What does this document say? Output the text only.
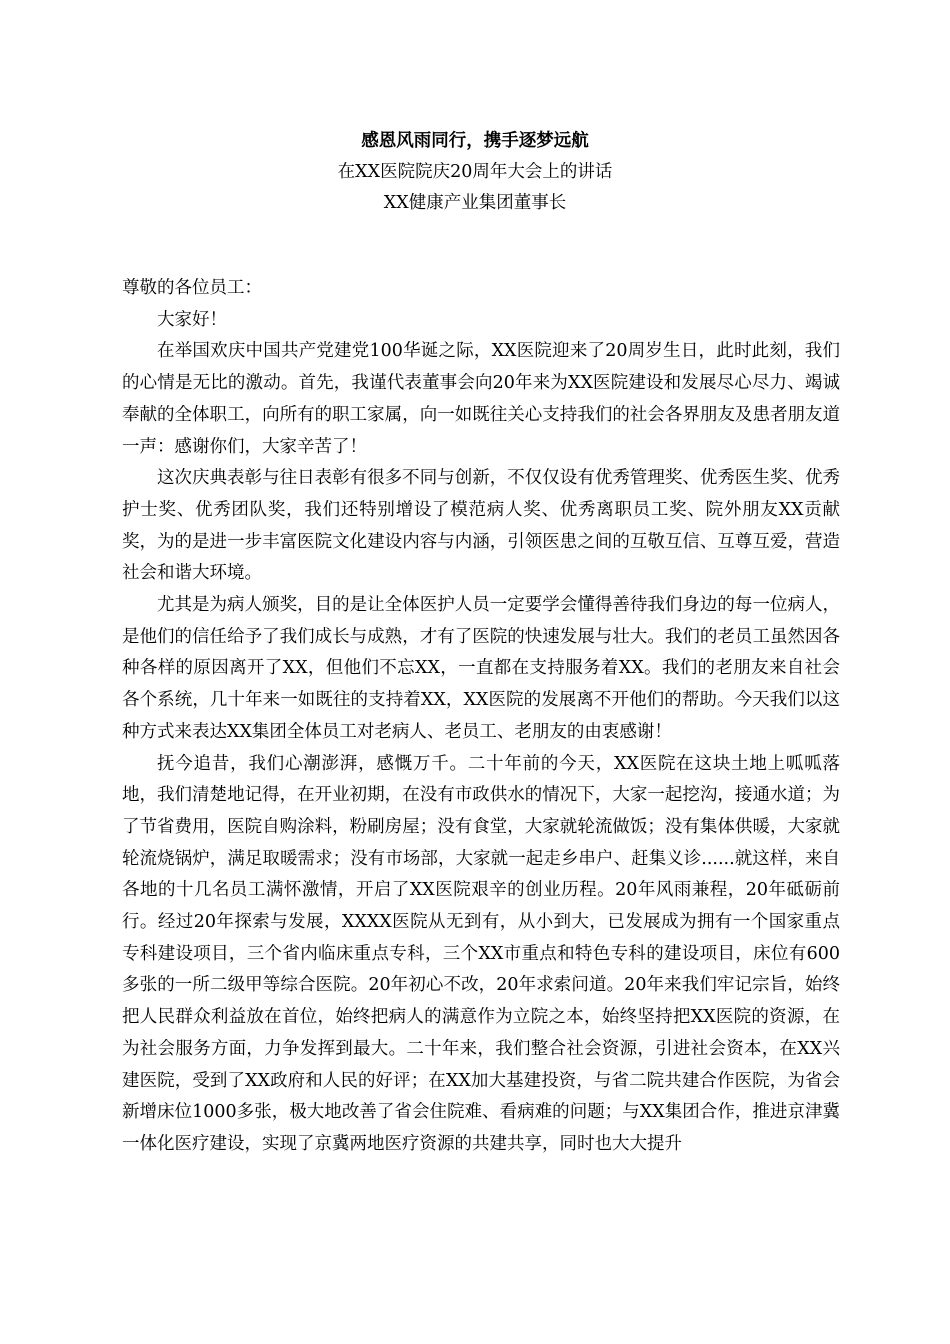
感恩风雨同行，携手逐梦远航
在XX医院院庆20周年大会上的讲话
XX健康产业集团董事长
尊敬的各位员工：

大家好！

在举国欢庆中国共产党建党100华诞之际，XX医院迎来了20周岁生日，此时此刻，我们的心情是无比的激动。首先，我谨代表董事会向20年来为XX医院建设和发展尽心尽力、竭诚奉献的全体职工，向所有的职工家属，向一如既往关心支持我们的社会各界朋友及患者朋友道一声：感谢你们，大家辛苦了！

这次庆典表彰与往日表彰有很多不同与创新，不仅仅设有优秀管理奖、优秀医生奖、优秀护士奖、优秀团队奖，我们还特别增设了模范病人奖、优秀离职员工奖、院外朋友XX贡献奖，为的是进一步丰富医院文化建设内容与内涵，引领医患之间的互敬互信、互尊互爱，营造社会和谐大环境。

尤其是为病人颁奖，目的是让全体医护人员一定要学会懂得善待我们身边的每一位病人，是他们的信任给予了我们成长与成熟，才有了医院的快速发展与壮大。我们的老员工虽然因各种各样的原因离开了XX，但他们不忘XX，一直都在支持服务着XX。我们的老朋友来自社会各个系统，几十年来一如既往的支持着XX，XX医院的发展离不开他们的帮助。今天我们以这种方式来表达XX集团全体员工对老病人、老员工、老朋友的由衷感谢！

抚今追昔，我们心潮澎湃，感慨万千。二十年前的今天，XX医院在这块土地上呱呱落地，我们清楚地记得，在开业初期，在没有市政供水的情况下，大家一起挖沟，接通水道；为了节省费用，医院自购涂料，粉刷房屋；没有食堂，大家就轮流做饭；没有集体供暖，大家就轮流烧锅炉，满足取暖需求；没有市场部，大家就一起走乡串户、赶集义诊......就这样，来自各地的十几名员工满怀激情，开启了XX医院艰辛的创业历程。20年风雨兼程，20年砥砺前行。经过20年探索与发展，XXXX医院从无到有，从小到大，已发展成为拥有一个国家重点专科建设项目，三个省内临床重点专科，三个XX市重点和特色专科的建设项目，床位有600多张的一所二级甲等综合医院。20年初心不改，20年求索问道。20年来我们牢记宗旨，始终把人民群众利益放在首位，始终把病人的满意作为立院之本，始终坚持把XX医院的资源，在为社会服务方面，力争发挥到最大。二十年来，我们整合社会资源，引进社会资本，在XX兴建医院，受到了XX政府和人民的好评；在XX加大基建投资，与省二院共建合作医院，为省会新增床位1000多张，极大地改善了省会住院难、看病难的问题；与XX集团合作，推进京津冀一体化医疗建设，实现了京冀两地医疗资源的共建共享，同时也大大提升
